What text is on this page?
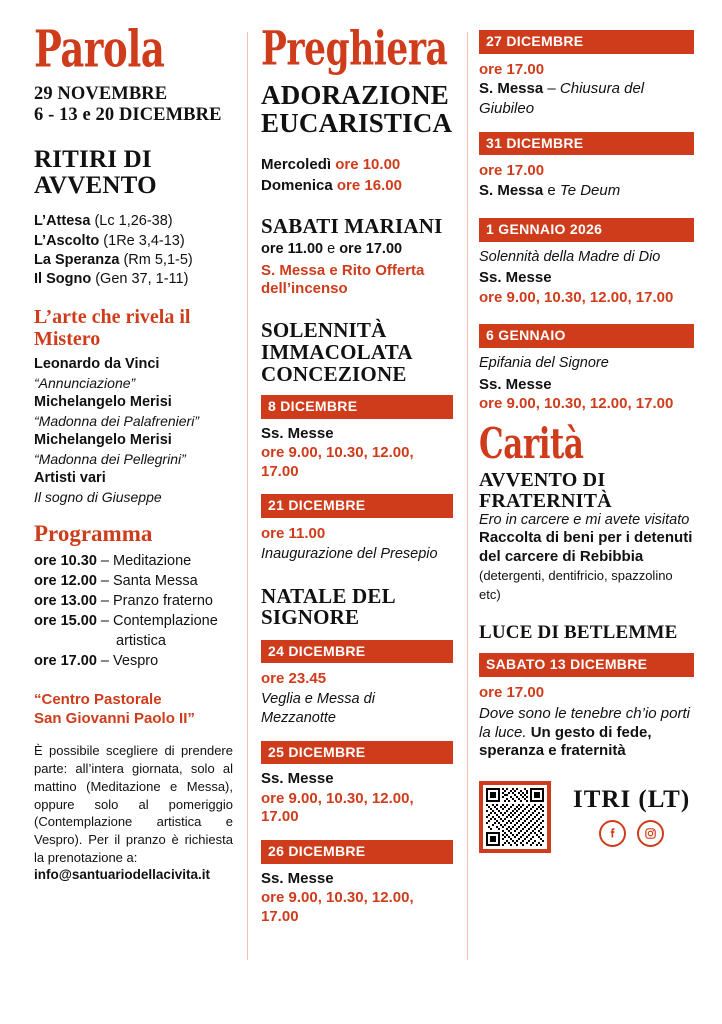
Parola
29 NOVEMBRE
6 - 13 e 20 DICEMBRE
RITIRI DI AVVENTO

L’Attesa (Lc 1,26-38)

L’Ascolto (1Re 3,4-13)

La Speranza (Rm 5,1-5)

Il Sogno (Gen 37, 1-11)

L’arte che rivela il Mistero

Leonardo da Vinci

“Annunciazione”

Michelangelo Merisi

“Madonna dei Palafrenieri”

Michelangelo Merisi

“Madonna dei Pellegrini”

Artisti vari

Il sogno di Giuseppe

Programma

ore 10.30 – Meditazione

ore 12.00 – Santa Messa

ore 13.00 – Pranzo fraterno

ore 15.00 – Contemplazione

artistica

ore 17.00 – Vespro

“Centro Pastorale
San Giovanni Paolo II”

È possibile scegliere di prendere parte: all’intera giornata, solo al mattino (Meditazione e Messa), oppure solo al pomeriggio (Contemplazione artistica e Vespro). Per il pranzo è richiesta la prenotazione a:

info@santuariodellacivita.it

Preghiera
ADORAZIONE EUCARISTICA

Mercoledì ore 10.00

Domenica ore 16.00

SABATI MARIANI

ore 11.00 e ore 17.00

S. Messa e Rito Offerta dell’incenso

SOLENNITÀ IMMACOLATA CONCEZIONE
8 DICEMBRE

Ss. Messe

ore 9.00, 10.30, 12.00, 17.00

21 DICEMBRE

ore 11.00

Inaugurazione del Presepio

NATALE DEL SIGNORE
24 DICEMBRE

ore 23.45

Veglia e Messa di Mezzanotte

25 DICEMBRE

Ss. Messe

ore 9.00, 10.30, 12.00, 17.00

26 DICEMBRE

Ss. Messe

ore 9.00, 10.30, 12.00, 17.00

27 DICEMBRE

ore 17.00

S. Messa – Chiusura del Giubileo

31 DICEMBRE

ore 17.00

S. Messa e Te Deum

1 GENNAIO 2026

Solennità della Madre di Dio

Ss. Messe

ore 9.00, 10.30, 12.00, 17.00

6 GENNAIO

Epifania del Signore

Ss. Messe

ore 9.00, 10.30, 12.00, 17.00

Carità
AVVENTO DI FRATERNITÀ

Ero in carcere e mi avete visitato

Raccolta di beni per i detenuti del carcere di Rebibbia (detergenti, dentifricio, spazzolino etc)

LUCE DI BETLEMME
SABATO 13 DICEMBRE

ore 17.00

Dove sono le tenebre ch’io porti la luce. Un gesto di fede, speranza e fraternità

ITRI (LT)
